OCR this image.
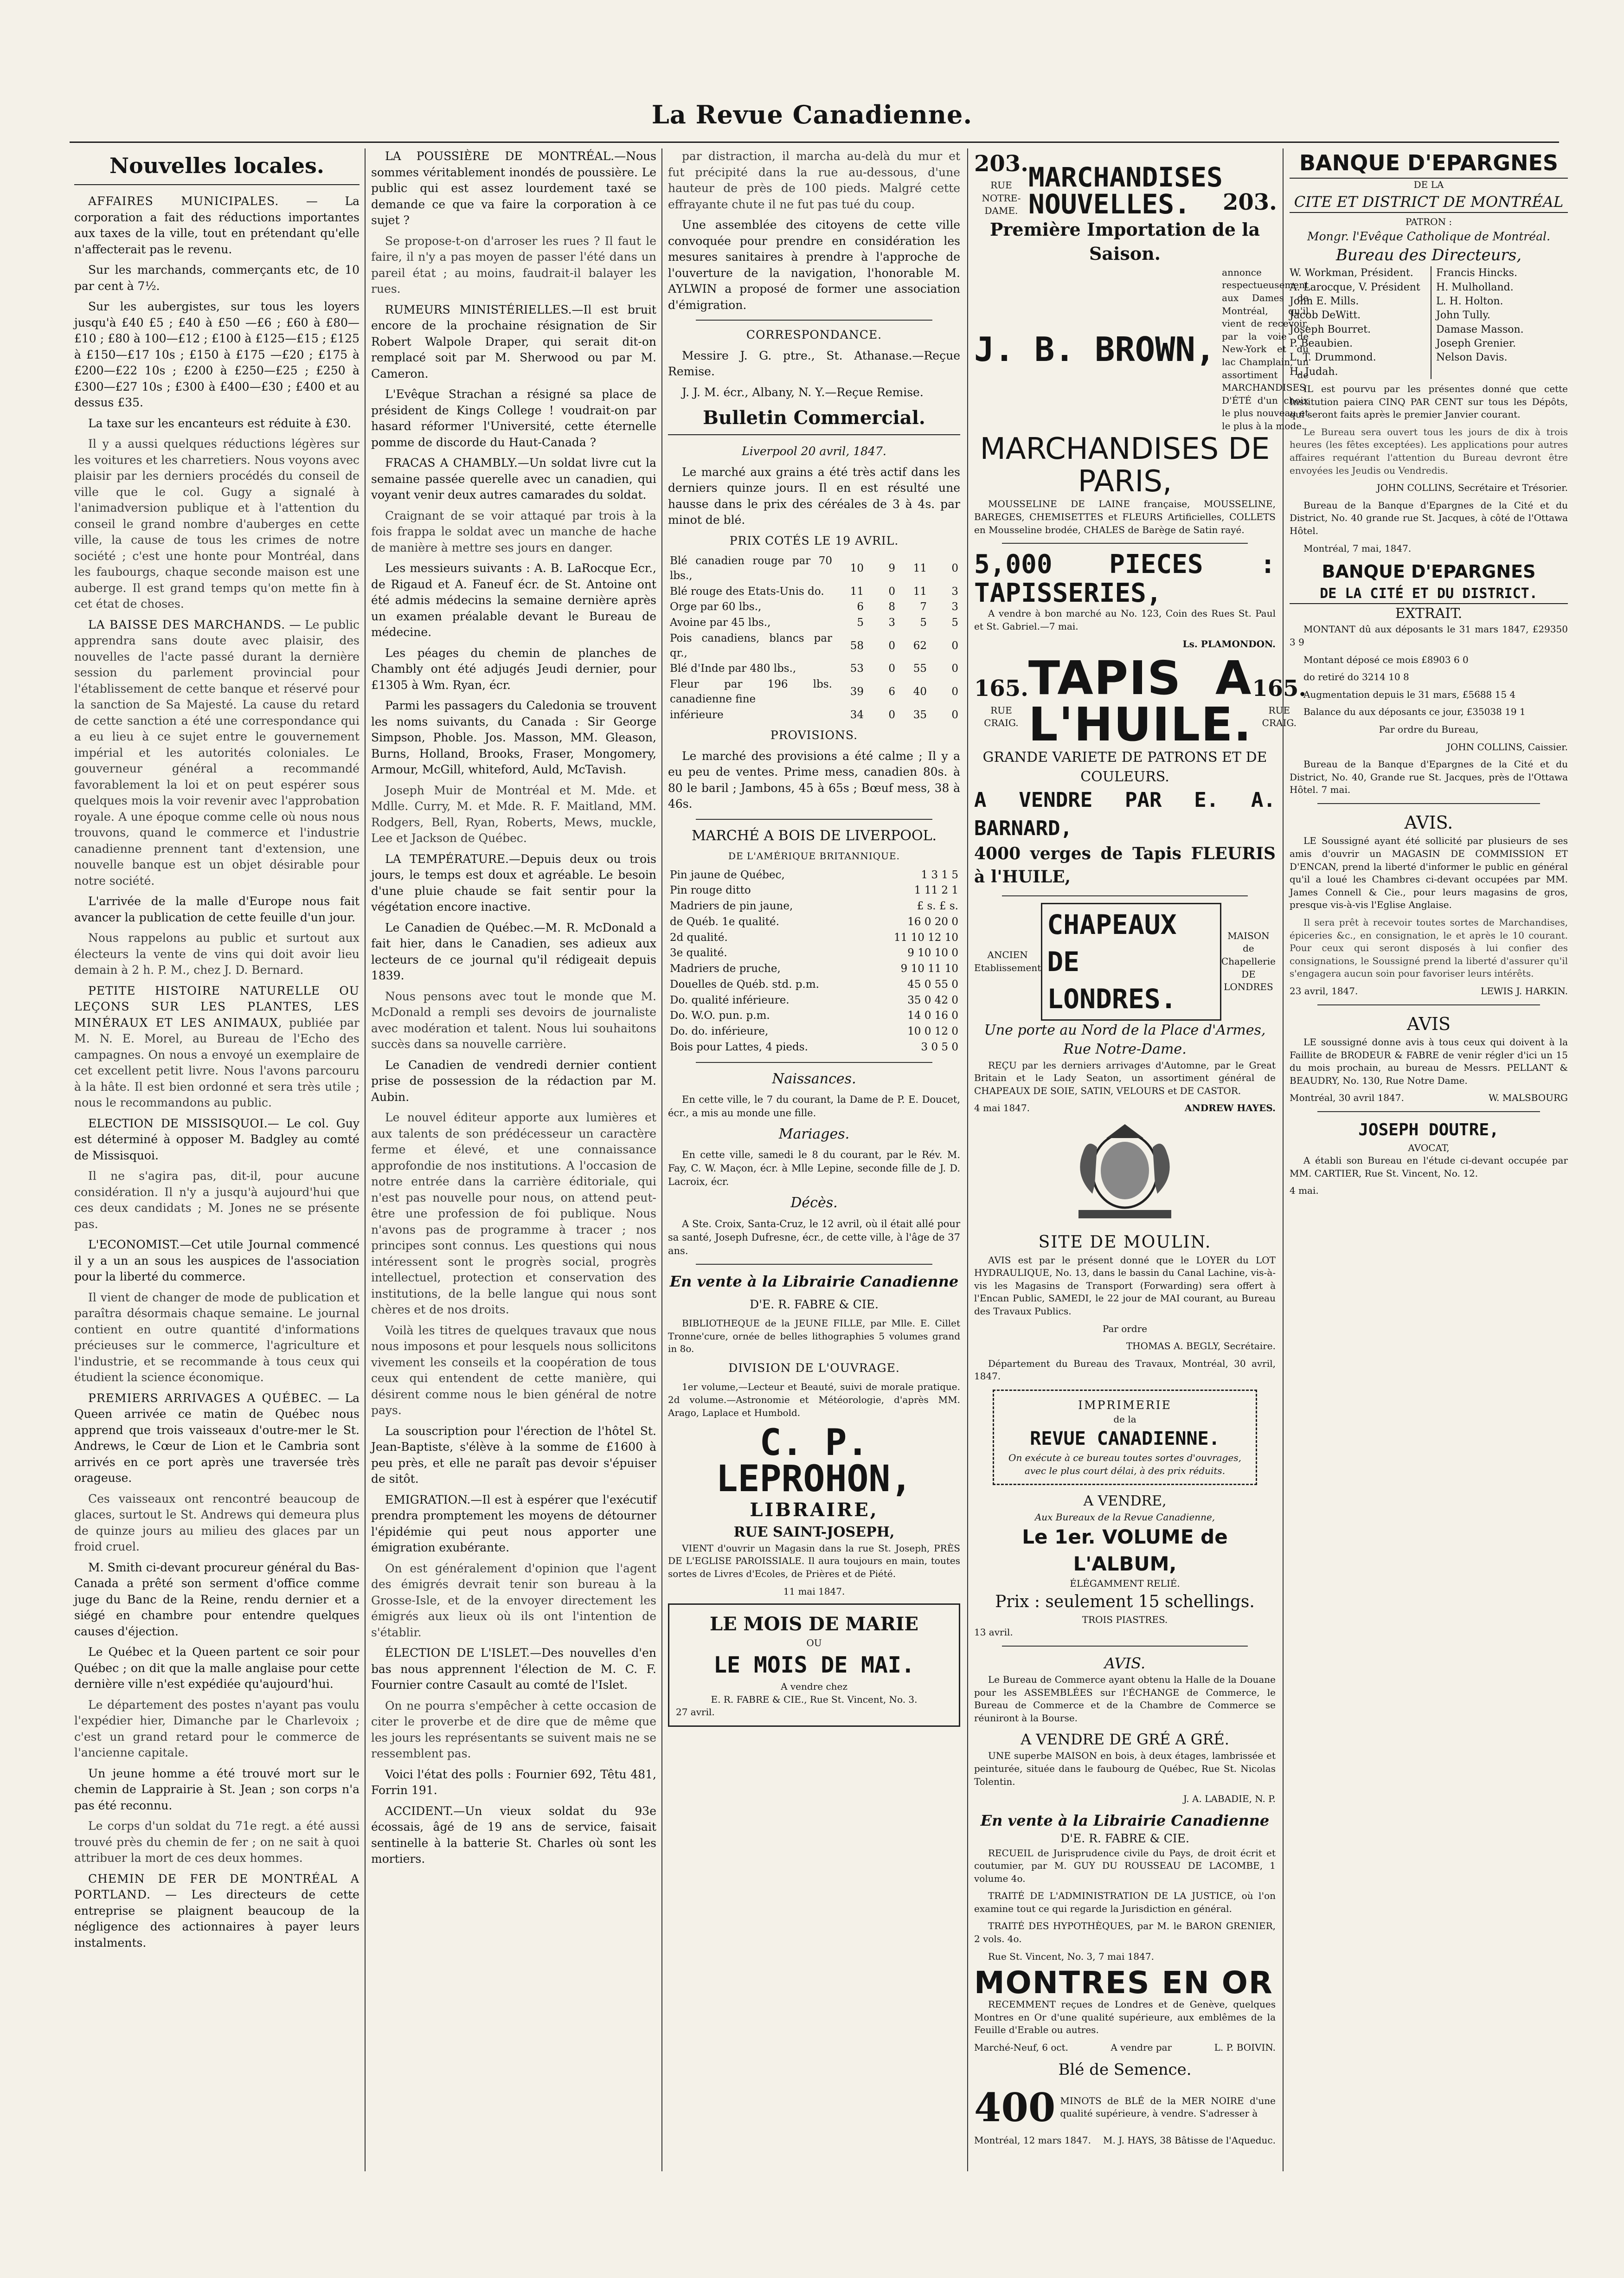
La Revue Canadienne.
Nouvelles locales.

AFFAIRES MUNICIPALES. — La corporation a fait des réductions importantes aux taxes de la ville, tout en prétendant qu'elle n'affecterait pas le revenu.

Sur les marchands, commerçants etc, de 10 par cent à 7½.

Sur les aubergistes, sur tous les loyers jusqu'à £40 £5 ; £40 à £50 —£6 ; £60 à £80—£10 ; £80 à 100—£12 ; £100 à £125—£15 ; £125 à £150—£17 10s ; £150 à £175 —£20 ; £175 à £200—£22 10s ; £200 à £250—£25 ; £250 à £300—£27 10s ; £300 à £400—£30 ; £400 et au dessus £35.

La taxe sur les encanteurs est réduite à £30.

Il y a aussi quelques réductions légères sur les voitures et les charretiers. Nous voyons avec plaisir par les derniers procédés du conseil de ville que le col. Gugy a signalé à l'animadversion publique et à l'attention du conseil le grand nombre d'auberges en cette ville, la cause de tous les crimes de notre société ; c'est une honte pour Montréal, dans les faubourgs, chaque seconde maison est une auberge. Il est grand temps qu'on mette fin à cet état de choses.

LA BAISSE DES MARCHANDS. — Le public apprendra sans doute avec plaisir, des nouvelles de l'acte passé durant la dernière session du parlement provincial pour l'établissement de cette banque et réservé pour la sanction de Sa Majesté. La cause du retard de cette sanction a été une correspondance qui a eu lieu à ce sujet entre le gouvernement impérial et les autorités coloniales. Le gouverneur général a recommandé favorablement la loi et on peut espérer sous quelques mois la voir revenir avec l'approbation royale. A une époque comme celle où nous nous trouvons, quand le commerce et l'industrie canadienne prennent tant d'extension, une nouvelle banque est un objet désirable pour notre société.

L'arrivée de la malle d'Europe nous fait avancer la publication de cette feuille d'un jour.

Nous rappelons au public et surtout aux électeurs la vente de vins qui doit avoir lieu demain à 2 h. P. M., chez J. D. Bernard.

PETITE HISTOIRE NATURELLE OU LEÇONS SUR LES PLANTES, LES MINÉRAUX ET LES ANIMAUX, publiée par M. N. E. Morel, au Bureau de l'Echo des campagnes. On nous a envoyé un exemplaire de cet excellent petit livre. Nous l'avons parcouru à la hâte. Il est bien ordonné et sera très utile ; nous le recommandons au public.

ELECTION DE MISSISQUOI.— Le col. Guy est déterminé à opposer M. Badgley au comté de Missisquoi.

Il ne s'agira pas, dit-il, pour aucune considération. Il n'y a jusqu'à aujourd'hui que ces deux candidats ; M. Jones ne se présente pas.

L'ECONOMIST.—Cet utile Journal commencé il y a un an sous les auspices de l'association pour la liberté du commerce.

Il vient de changer de mode de publication et paraîtra désormais chaque semaine. Le journal contient en outre quantité d'informations précieuses sur le commerce, l'agriculture et l'industrie, et se recommande à tous ceux qui étudient la science économique.

PREMIERS ARRIVAGES A QUÉBEC. — La Queen arrivée ce matin de Québec nous apprend que trois vaisseaux d'outre-mer le St. Andrews, le Cœur de Lion et le Cambria sont arrivés en ce port après une traversée très orageuse.

Ces vaisseaux ont rencontré beaucoup de glaces, surtout le St. Andrews qui demeura plus de quinze jours au milieu des glaces par un froid cruel.

M. Smith ci-devant procureur général du Bas-Canada a prêté son serment d'office comme juge du Banc de la Reine, rendu dernier et a siégé en chambre pour entendre quelques causes d'éjection.

Le Québec et la Queen partent ce soir pour Québec ; on dit que la malle anglaise pour cette dernière ville n'est expédiée qu'aujourd'hui.

Le département des postes n'ayant pas voulu l'expédier hier, Dimanche par le Charlevoix ; c'est un grand retard pour le commerce de l'ancienne capitale.

Un jeune homme a été trouvé mort sur le chemin de Lapprairie à St. Jean ; son corps n'a pas été reconnu.

Le corps d'un soldat du 71e regt. a été aussi trouvé près du chemin de fer ; on ne sait à quoi attribuer la mort de ces deux hommes.

CHEMIN DE FER DE MONTRÉAL A PORTLAND. — Les directeurs de cette entreprise se plaignent beaucoup de la négligence des actionnaires à payer leurs instalments.

LA POUSSIÈRE DE MONTRÉAL.—Nous sommes véritablement inondés de poussière. Le public qui est assez lourdement taxé se demande ce que va faire la corporation à ce sujet ?

Se propose-t-on d'arroser les rues ? Il faut le faire, il n'y a pas moyen de passer l'été dans un pareil état ; au moins, faudrait-il balayer les rues.

RUMEURS MINISTÉRIELLES.—Il est bruit encore de la prochaine résignation de Sir Robert Walpole Draper, qui serait dit-on remplacé soit par M. Sherwood ou par M. Cameron.

L'Evêque Strachan a résigné sa place de président de Kings College ! voudrait-on par hasard réformer l'Université, cette éternelle pomme de discorde du Haut-Canada ?

FRACAS A CHAMBLY.—Un soldat livre cut la semaine passée querelle avec un canadien, qui voyant venir deux autres camarades du soldat.

Craignant de se voir attaqué par trois à la fois frappa le soldat avec un manche de hache de manière à mettre ses jours en danger.

Les messieurs suivants : A. B. LaRocque Ecr., de Rigaud et A. Faneuf écr. de St. Antoine ont été admis médecins la semaine dernière après un examen préalable devant le Bureau de médecine.

Les péages du chemin de planches de Chambly ont été adjugés Jeudi dernier, pour £1305 à Wm. Ryan, écr.

Parmi les passagers du Caledonia se trouvent les noms suivants, du Canada : Sir George Simpson, Phoble. Jos. Masson, MM. Gleason, Burns, Holland, Brooks, Fraser, Mongomery, Armour, McGill, whiteford, Auld, McTavish.

Joseph Muir de Montréal et M. Mde. et Mdlle. Curry, M. et Mde. R. F. Maitland, MM. Rodgers, Bell, Ryan, Roberts, Mews, muckle, Lee et Jackson de Québec.

LA TEMPÉRATURE.—Depuis deux ou trois jours, le temps est doux et agréable. Le besoin d'une pluie chaude se fait sentir pour la végétation encore inactive.

Le Canadien de Québec.—M. R. McDonald a fait hier, dans le Canadien, ses adieux aux lecteurs de ce journal qu'il rédigeait depuis 1839.

Nous pensons avec tout le monde que M. McDonald a rempli ses devoirs de journaliste avec modération et talent. Nous lui souhaitons succès dans sa nouvelle carrière.

Le Canadien de vendredi dernier contient prise de possession de la rédaction par M. Aubin.

Le nouvel éditeur apporte aux lumières et aux talents de son prédécesseur un caractère ferme et élevé, et une connaissance approfondie de nos institutions. A l'occasion de notre entrée dans la carrière éditoriale, qui n'est pas nouvelle pour nous, on attend peut-être une profession de foi publique. Nous n'avons pas de programme à tracer ; nos principes sont connus. Les questions qui nous intéressent sont le progrès social, progrès intellectuel, protection et conservation des institutions, de la belle langue qui nous sont chères et de nos droits.

Voilà les titres de quelques travaux que nous nous imposons et pour lesquels nous sollicitons vivement les conseils et la coopération de tous ceux qui entendent de cette manière, qui désirent comme nous le bien général de notre pays.

La souscription pour l'érection de l'hôtel St. Jean-Baptiste, s'élève à la somme de £1600 à peu près, et elle ne paraît pas devoir s'épuiser de sitôt.

EMIGRATION.—Il est à espérer que l'exécutif prendra promptement les moyens de détourner l'épidémie qui peut nous apporter une émigration exubérante.

On est généralement d'opinion que l'agent des émigrés devrait tenir son bureau à la Grosse-Isle, et de la envoyer directement les émigrés aux lieux où ils ont l'intention de s'établir.

ÉLECTION DE L'ISLET.—Des nouvelles d'en bas nous apprennent l'élection de M. C. F. Fournier contre Casault au comté de l'Islet.

On ne pourra s'empêcher à cette occasion de citer le proverbe et de dire que de même que les jours les représentants se suivent mais ne se ressemblent pas.

Voici l'état des polls : Fournier 692, Têtu 481, Forrin 191.

ACCIDENT.—Un vieux soldat du 93e écossais, âgé de 19 ans de service, faisait sentinelle à la batterie St. Charles où sont les mortiers.

par distraction, il marcha au-delà du mur et fut précipité dans la rue au-dessous, d'une hauteur de près de 100 pieds. Malgré cette effrayante chute il ne fut pas tué du coup.

Une assemblée des citoyens de cette ville convoquée pour prendre en considération les mesures sanitaires à prendre à l'approche de l'ouverture de la navigation, l'honorable M. AYLWIN a proposé de former une association d'émigration.

CORRESPONDANCE.

Messire J. G. ptre., St. Athanase.—Reçue Remise.

J. J. M. écr., Albany, N. Y.—Reçue Remise.

Bulletin Commercial.

Liverpool 20 avril, 1847.

Le marché aux grains a été très actif dans les derniers quinze jours. Il en est résulté une hausse dans le prix des céréales de 3 à 4s. par minot de blé.

PRIX COTÉS LE 19 AVRIL.

Blé canadien rouge par 70 lbs.,	10	9	11	0
Blé rouge des Etats-Unis do.	11	0	11	3
Orge par 60 lbs.,	6	8	7	3
Avoine par 45 lbs.,	5	3	5	5
Pois canadiens, blancs par qr.,	58	0	62	0
Blé d'Inde par 480 lbs.,	53	0	55	0
Fleur par 196 lbs. canadienne fine	39	6	40	0
inférieure	34	0	35	0

PROVISIONS.

Le marché des provisions a été calme ; Il y a eu peu de ventes. Prime mess, canadien 80s. à 80 le baril ; Jambons, 45 à 65s ; Bœuf mess, 38 à 46s.

MARCHÉ A BOIS DE LIVERPOOL.

DE L'AMÉRIQUE BRITANNIQUE.

Pin jaune de Québec,	1 3 1 5
Pin rouge ditto	1 11 2 1
Madriers de pin jaune,	£ s. £ s.
de Québ. 1e qualité.	16 0 20 0
2d qualité.	11 10 12 10
3e qualité.	9 10 10 0
Madriers de pruche,	9 10 11 10
Douelles de Québ. std. p.m.	45 0 55 0
Do. qualité inférieure.	35 0 42 0
Do. W.O. pun. p.m.	14 0 16 0
Do. do. inférieure,	10 0 12 0
Bois pour Lattes, 4 pieds.	3 0 5 0

Naissances.

En cette ville, le 7 du courant, la Dame de P. E. Doucet, écr., a mis au monde une fille.

Mariages.

En cette ville, samedi le 8 du courant, par le Rév. M. Fay, C. W. Maçon, écr. à Mlle Lepine, seconde fille de J. D. Lacroix, écr.

Décès.

A Ste. Croix, Santa-Cruz, le 12 avril, où il était allé pour sa santé, Joseph Dufresne, écr., de cette ville, à l'âge de 37 ans.

En vente à la Librairie Canadienne

D'E. R. FABRE & CIE.

BIBLIOTHEQUE de la JEUNE FILLE, par Mlle. E. Cillet Tronne'cure, ornée de belles lithographies 5 volumes grand in 8o.

DIVISION DE L'OUVRAGE.

1er volume,—Lecteur et Beauté, suivi de morale pratique. 2d volume.—Astronomie et Météorologie, d'après MM. Arago, Laplace et Humbold.

C. P. LEPROHON,
LIBRAIRE,
RUE SAINT-JOSEPH,

VIENT d'ouvrir un Magasin dans la rue St. Joseph, PRÈS DE L'EGLISE PAROISSIALE. Il aura toujours en main, toutes sortes de Livres d'Ecoles, de Prières et de Piété.

11 mai 1847.

LE MOIS DE MARIE
OU
LE MOIS DE MAI.
A vendre chez
E. R. FABRE & CIE., Rue St. Vincent, No. 3.
27 avril.
203.
RUE NOTRE-DAME.
MARCHANDISES NOUVELLES.	203.
Première Importation de la Saison.
J. B. BROWN,
annonce respectueusement aux Dames de Montréal, qu'il vient de recevoir, par la voie de New-York et du lac Champlain, un assortiment de MARCHANDISES D'ÉTÉ d'un choix le plus nouveau et le plus à la mode.
MARCHANDISES DE PARIS,

MOUSSELINE DE LAINE française, MOUSSELINE, BAREGES, CHEMISETTES et FLEURS Artificielles, COLLETS en Mousseline brodée, CHALES de Barège de Satin rayé.

5,000 PIECES : TAPISSERIES,

A vendre à bon marché au No. 123, Coin des Rues St. Paul et St. Gabriel.—7 mai.

Ls. PLAMONDON.

165.
RUE CRAIG.
TAPIS A L'HUILE.
165.
RUE CRAIG.
GRANDE VARIETE DE PATRONS ET DE COULEURS.
A VENDRE PAR E. A. BARNARD,
4000 verges de Tapis FLEURIS à l'HUILE,
ANCIEN
Etablissement
CHAPEAUX DE LONDRES.
MAISON de Chapellerie DE LONDRES
Une porte au Nord de la Place d'Armes, Rue Notre-Dame.

REÇU par les derniers arrivages d'Automne, par le Great Britain et le Lady Seaton, un assortiment général de CHAPEAUX DE SOIE, SATIN, VELOURS et DE CASTOR.

4 mai 1847.	ANDREW HAYES.
SITE DE MOULIN.

AVIS est par le présent donné que le LOYER du LOT HYDRAULIQUE, No. 13, dans le bassin du Canal Lachine, vis-à-vis les Magasins de Transport (Forwarding) sera offert à l'Encan Public, SAMEDI, le 22 jour de MAI courant, au Bureau des Travaux Publics.

Par ordre

THOMAS A. BEGLY, Secrétaire.

Département du Bureau des Travaux, Montréal, 30 avril, 1847.

IMPRIMERIE
de la
REVUE CANADIENNE.
On exécute à ce bureau toutes sortes d'ouvrages, avec le plus court délai, à des prix réduits.
A VENDRE,
Aux Bureaux de la Revue Canadienne,
Le 1er. VOLUME de L'ALBUM,
ÉLÉGAMMENT RELIÉ.
Prix : seulement 15 schellings.
TROIS PIASTRES.
13 avril.
AVIS.

Le Bureau de Commerce ayant obtenu la Halle de la Douane pour les ASSEMBLÉES sur l'ÉCHANGE de Commerce, le Bureau de Commerce et de la Chambre de Commerce se réuniront à la Bourse.

A VENDRE DE GRÉ A GRÉ.

UNE superbe MAISON en bois, à deux étages, lambrissée et peinturée, située dans le faubourg de Québec, Rue St. Nicolas Tolentin.

J. A. LABADIE, N. P.

En vente à la Librairie Canadienne
D'E. R. FABRE & CIE.

RECUEIL de Jurisprudence civile du Pays, de droit écrit et coutumier, par M. GUY DU ROUSSEAU DE LACOMBE, 1 volume 4o.

TRAITÉ DE L'ADMINISTRATION DE LA JUSTICE, où l'on examine tout ce qui regarde la Jurisdiction en général.

TRAITÉ DES HYPOTHÈQUES, par M. le BARON GRENIER, 2 vols. 4o.

Rue St. Vincent, No. 3, 7 mai 1847.

MONTRES EN OR

RECEMMENT reçues de Londres et de Genève, quelques Montres en Or d'une qualité supérieure, aux emblêmes de la Feuille d'Erable ou autres.

Marché-Neuf, 6 oct.	A vendre par	L. P. BOIVIN.
Blé de Semence.
400 MINOTS de BLÉ de la MER NOIRE d'une qualité supérieure, à vendre. S'adresser à
Montréal, 12 mars 1847. M. J. HAYS, 38 Bâtisse de l'Aqueduc.
BANQUE D'EPARGNES
DE LA
CITE ET DISTRICT DE MONTRÉAL
PATRON :
Mongr. l'Evêque Catholique de Montréal.
Bureau des Directeurs,
W. Workman, Président.
A. Larocque, V. Président
John E. Mills.
Jacob DeWitt.
Joseph Bourret.
P. Beaubien.
L. T. Drummond.
H. Judah.
Francis Hincks.
H. Mulholland.
L. H. Holton.
John Tully.
Damase Masson.
Joseph Grenier.
Nelson Davis.

IL est pourvu par les présentes donné que cette Institution paiera CINQ PAR CENT sur tous les Dépôts, qui seront faits après le premier Janvier courant.

Le Bureau sera ouvert tous les jours de dix à trois heures (les fêtes exceptées). Les applications pour autres affaires requérant l'attention du Bureau devront être envoyées les Jeudis ou Vendredis.

JOHN COLLINS, Secrétaire et Trésorier.

Bureau de la Banque d'Epargnes de la Cité et du District, No. 40 grande rue St. Jacques, à côté de l'Ottawa Hôtel.

Montréal, 7 mai, 1847.

BANQUE D'EPARGNES
DE LA CITÉ ET DU DISTRICT.
EXTRAIT.

MONTANT dû aux déposants le 31 mars 1847, £29350 3 9

Montant déposé ce mois £8903 6 0

do retiré do 3214 10 8

Augmentation depuis le 31 mars, £5688 15 4

Balance du aux déposants ce jour, £35038 19 1

Par ordre du Bureau,

JOHN COLLINS, Caissier.

Bureau de la Banque d'Epargnes de la Cité et du District, No. 40, Grande rue St. Jacques, près de l'Ottawa Hôtel. 7 mai.

AVIS.

LE Soussigné ayant été sollicité par plusieurs de ses amis d'ouvrir un MAGASIN DE COMMISSION ET D'ENCAN, prend la liberté d'informer le public en général qu'il a loué les Chambres ci-devant occupées par MM. James Connell & Cie., pour leurs magasins de gros, presque vis-à-vis l'Eglise Anglaise.

Il sera prêt à recevoir toutes sortes de Marchandises, épiceries &c., en consignation, le et après le 10 courant. Pour ceux qui seront disposés à lui confier des consignations, le Soussigné prend la liberté d'assurer qu'il s'engagera aucun soin pour favoriser leurs intérêts.

23 avril, 1847.	LEWIS J. HARKIN.
AVIS

LE soussigné donne avis à tous ceux qui doivent à la Faillite de BRODEUR & FABRE de venir régler d'ici un 15 du mois prochain, au bureau de Messrs. PELLANT & BEAUDRY, No. 130, Rue Notre Dame.

Montréal, 30 avril 1847.	W. MALSBOURG
JOSEPH DOUTRE,
AVOCAT,

A établi son Bureau en l'étude ci-devant occupée par MM. CARTIER, Rue St. Vincent, No. 12.

4 mai.
